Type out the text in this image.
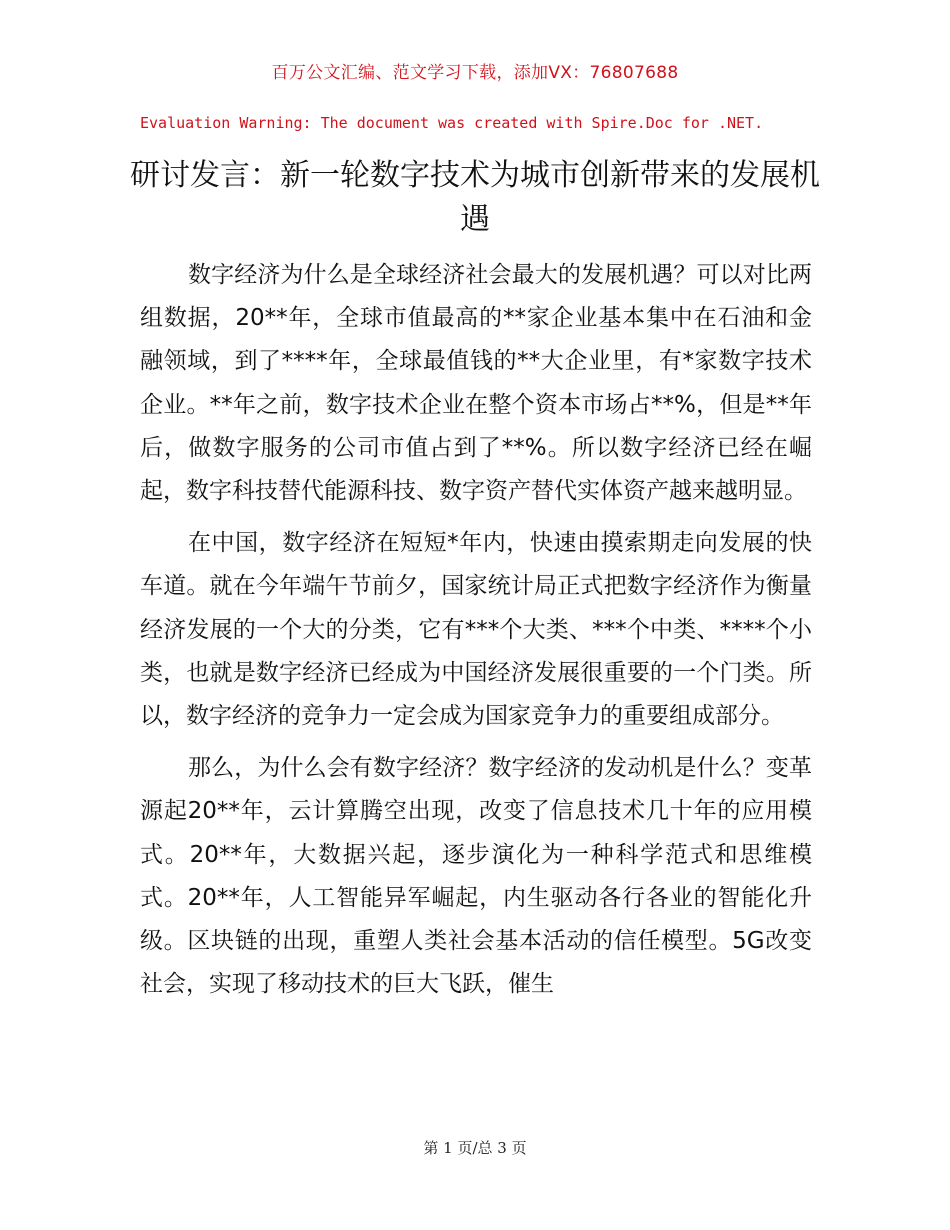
百万公文汇编、范文学习下载，添加VX：76807688
Evaluation Warning: The document was created with Spire.Doc for .NET.
研讨发言：新一轮数字技术为城市创新带来的发展机遇

数字经济为什么是全球经济社会最大的发展机遇？可以对比两组数据，20**年，全球市值最高的**家企业基本集中在石油和金融领域，到了****年，全球最值钱的**大企业里，有*家数字技术企业。**年之前，数字技术企业在整个资本市场占**%，但是**年后，做数字服务的公司市值占到了**%。所以数字经济已经在崛起，数字科技替代能源科技、数字资产替代实体资产越来越明显。

在中国，数字经济在短短*年内，快速由摸索期走向发展的快车道。就在今年端午节前夕，国家统计局正式把数字经济作为衡量经济发展的一个大的分类，它有***个大类、***个中类、****个小类，也就是数字经济已经成为中国经济发展很重要的一个门类。所以，数字经济的竞争力一定会成为国家竞争力的重要组成部分。

那么，为什么会有数字经济？数字经济的发动机是什么？变革源起20**年，云计算腾空出现，改变了信息技术几十年的应用模式。20**年，大数据兴起，逐步演化为一种科学范式和思维模式。20**年，人工智能异军崛起，内生驱动各行各业的智能化升级。区块链的出现，重塑人类社会基本活动的信任模型。5G改变社会，实现了移动技术的巨大飞跃，催生

第 1 页/总 3 页
